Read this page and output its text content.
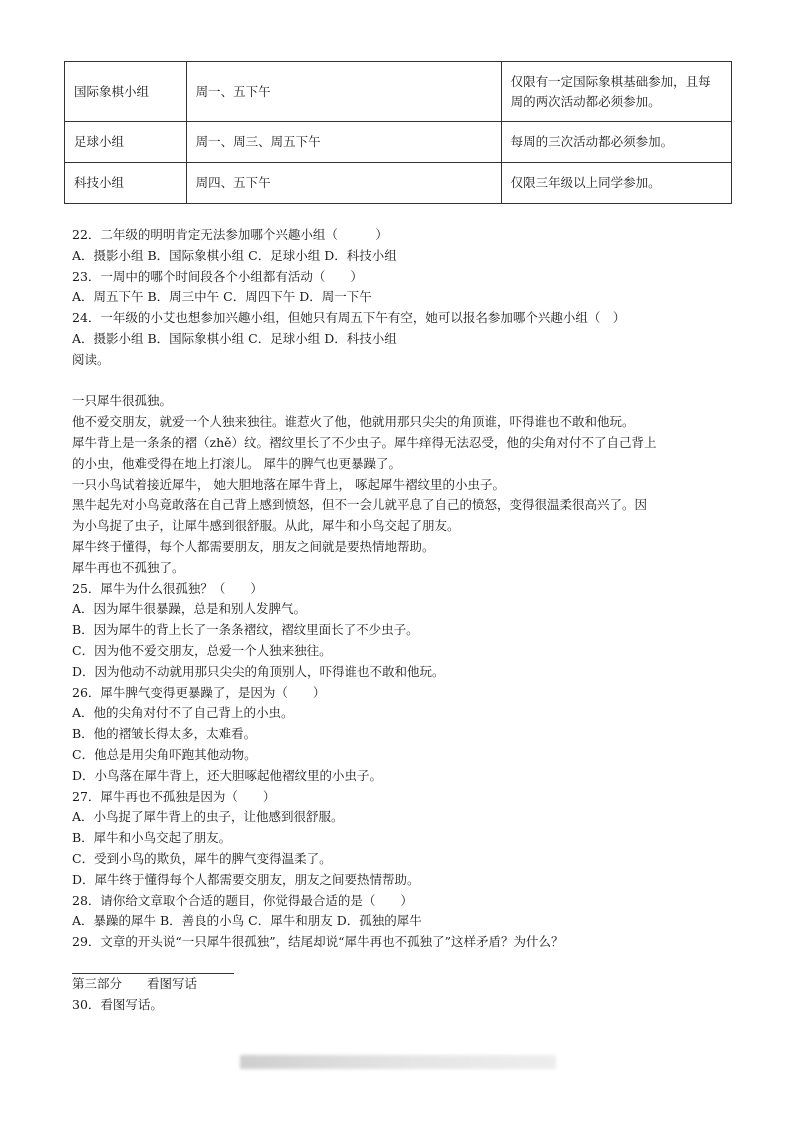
国际象棋小组	周一、五下午	仅限有一定国际象棋基础参加，且每周的两次活动都必须参加。
足球小组	周一、周三、周五下午	每周的三次活动都必须参加。
科技小组	周四、五下午	仅限三年级以上同学参加。
22．二年级的明明肯定无法参加哪个兴趣小组（　　　）
A．摄影小组 B．国际象棋小组 C．足球小组 D．科技小组
23．一周中的哪个时间段各个小组都有活动（　　）
A．周五下午 B．周三中午 C．周四下午 D．周一下午
24．一年级的小艾也想参加兴趣小组，但她只有周五下午有空，她可以报名参加哪个兴趣小组（　）
A．摄影小组 B．国际象棋小组 C．足球小组 D．科技小组
阅读。
一只犀牛很孤独。
他不爱交朋友，就爱一个人独来独往。谁惹火了他，他就用那只尖尖的角顶谁，吓得谁也不敢和他玩。
犀牛背上是一条条的褶（zhě）纹。褶纹里长了不少虫子。犀牛痒得无法忍受，他的尖角对付不了自己背上
的小虫，他难受得在地上打滚儿。 犀牛的脾气也更暴躁了。
一只小鸟试着接近犀牛， 她大胆地落在犀牛背上， 啄起犀牛褶纹里的小虫子。
黑牛起先对小鸟竟敢落在自己背上感到愤怒，但不一会儿就平息了自己的愤怒，变得很温柔很高兴了。因
为小鸟捉了虫子，让犀牛感到很舒服。从此，犀牛和小鸟交起了朋友。
犀牛终于懂得，每个人都需要朋友，朋友之间就是要热情地帮助。
犀牛再也不孤独了。
25．犀牛为什么很孤独？（　　）
A．因为犀牛很暴躁，总是和别人发脾气。
B．因为犀牛的背上长了一条条褶纹，褶纹里面长了不少虫子。
C．因为他不爱交朋友，总爱一个人独来独往。
D．因为他动不动就用那只尖尖的角顶别人，吓得谁也不敢和他玩。
26．犀牛脾气变得更暴躁了，是因为（　　）
A．他的尖角对付不了自己背上的小虫。
B．他的褶皱长得太多，太难看。
C．他总是用尖角吓跑其他动物。
D．小鸟落在犀牛背上，还大胆啄起他褶纹里的小虫子。
27．犀牛再也不孤独是因为（　　）
A．小鸟捉了犀牛背上的虫子，让他感到很舒服。
B．犀牛和小鸟交起了朋友。
C．受到小鸟的欺负，犀牛的脾气变得温柔了。
D．犀牛终于懂得每个人都需要交朋友，朋友之间要热情帮助。
28．请你给文章取个合适的题目，你觉得最合适的是（　　）
A．暴躁的犀牛 B．善良的小鸟 C．犀牛和朋友 D．孤独的犀牛
29．文章的开头说“一只犀牛很孤独”，结尾却说“犀牛再也不孤独了”这样矛盾？为什么？
第三部分　　看图写话
30．看图写话。
